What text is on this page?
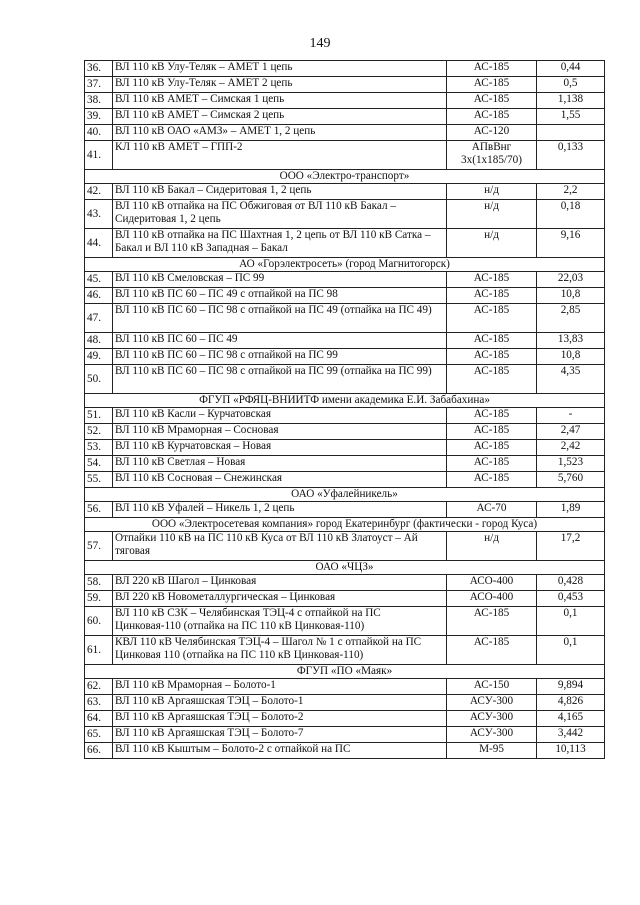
149
36.	ВЛ 110 кВ Улу-Теляк – АМЕТ 1 цепь	АС-185	0,44
37.	ВЛ 110 кВ Улу-Теляк – АМЕТ 2 цепь	АС-185	0,5
38.	ВЛ 110 кВ АМЕТ – Симская 1 цепь	АС-185	1,138
39.	ВЛ 110 кВ АМЕТ – Симская 2 цепь	АС-185	1,55
40.	ВЛ 110 кВ ОАО «АМЗ» – АМЕТ 1, 2 цепь	АС-120	
41.	КЛ 110 кВ АМЕТ – ГПП-2	АПвВнг 3х(1х185/70)	0,133
ООО «Электро-транспорт»			
42.	ВЛ 110 кВ Бакал – Сидеритовая 1, 2 цепь	н/д	2,2
43.	ВЛ 110 кВ отпайка на ПС Обжиговая от ВЛ 110 кВ Бакал – Сидеритовая 1, 2 цепь	н/д	0,18
44.	ВЛ 110 кВ отпайка на ПС Шахтная 1, 2 цепь от ВЛ 110 кВ Сатка – Бакал и ВЛ 110 кВ Западная – Бакал	н/д	9,16
АО «Горэлектросеть» (город Магнитогорск)			
45.	ВЛ 110 кВ Смеловская – ПС 99	АС-185	22,03
46.	ВЛ 110 кВ ПС 60 – ПС 49 с отпайкой на ПС 98	АС-185	10,8
47.	ВЛ 110 кВ ПС 60 – ПС 98 с отпайкой на ПС 49 (отпайка на ПС 49)	АС-185	2,85
48.	ВЛ 110 кВ ПС 60 – ПС 49	АС-185	13,83
49.	ВЛ 110 кВ ПС 60 – ПС 98 с отпайкой на ПС 99	АС-185	10,8
50.	ВЛ 110 кВ ПС 60 – ПС 98 с отпайкой на ПС 99 (отпайка на ПС 99)	АС-185	4,35
ФГУП «РФЯЦ-ВНИИТФ имени академика Е.И. Забабахина»			
51.	ВЛ 110 кВ Касли – Курчатовская	АС-185	-
52.	ВЛ 110 кВ Мраморная – Сосновая	АС-185	2,47
53.	ВЛ 110 кВ Курчатовская – Новая	АС-185	2,42
54.	ВЛ 110 кВ Светлая – Новая	АС-185	1,523
55.	ВЛ 110 кВ Сосновая – Снежинская	АС-185	5,760
ОАО «Уфалейникель»			
56.	ВЛ 110 кВ Уфалей – Никель 1, 2 цепь	АС-70	1,89
ООО «Электросетевая компания» город Екатеринбург (фактически - город Куса)			
57.	Отпайки 110 кВ на ПС 110 кВ Куса от ВЛ 110 кВ Златоуст – Ай тяговая	н/д	17,2
ОАО «ЧЦЗ»			
58.	ВЛ 220 кВ Шагол – Цинковая	АСО-400	0,428
59.	ВЛ 220 кВ Новометаллургическая – Цинковая	АСО-400	0,453
60.	ВЛ 110 кВ СЗК – Челябинская ТЭЦ-4 с отпайкой на ПС Цинковая-110 (отпайка на ПС 110 кВ Цинковая-110)	АС-185	0,1
61.	КВЛ 110 кВ Челябинская ТЭЦ-4 – Шагол № 1 с отпайкой на ПС Цинковая 110 (отпайка на ПС 110 кВ Цинковая-110)	АС-185	0,1
ФГУП «ПО «Маяк»			
62.	ВЛ 110 кВ Мраморная – Болото-1	АС-150	9,894
63.	ВЛ 110 кВ Аргаяшская ТЭЦ – Болото-1	АСУ-300	4,826
64.	ВЛ 110 кВ Аргаяшская ТЭЦ – Болото-2	АСУ-300	4,165
65.	ВЛ 110 кВ Аргаяшская ТЭЦ – Болото-7	АСУ-300	3,442
66.	ВЛ 110 кВ Кыштым – Болото-2 с отпайкой на ПС	М-95	10,113
